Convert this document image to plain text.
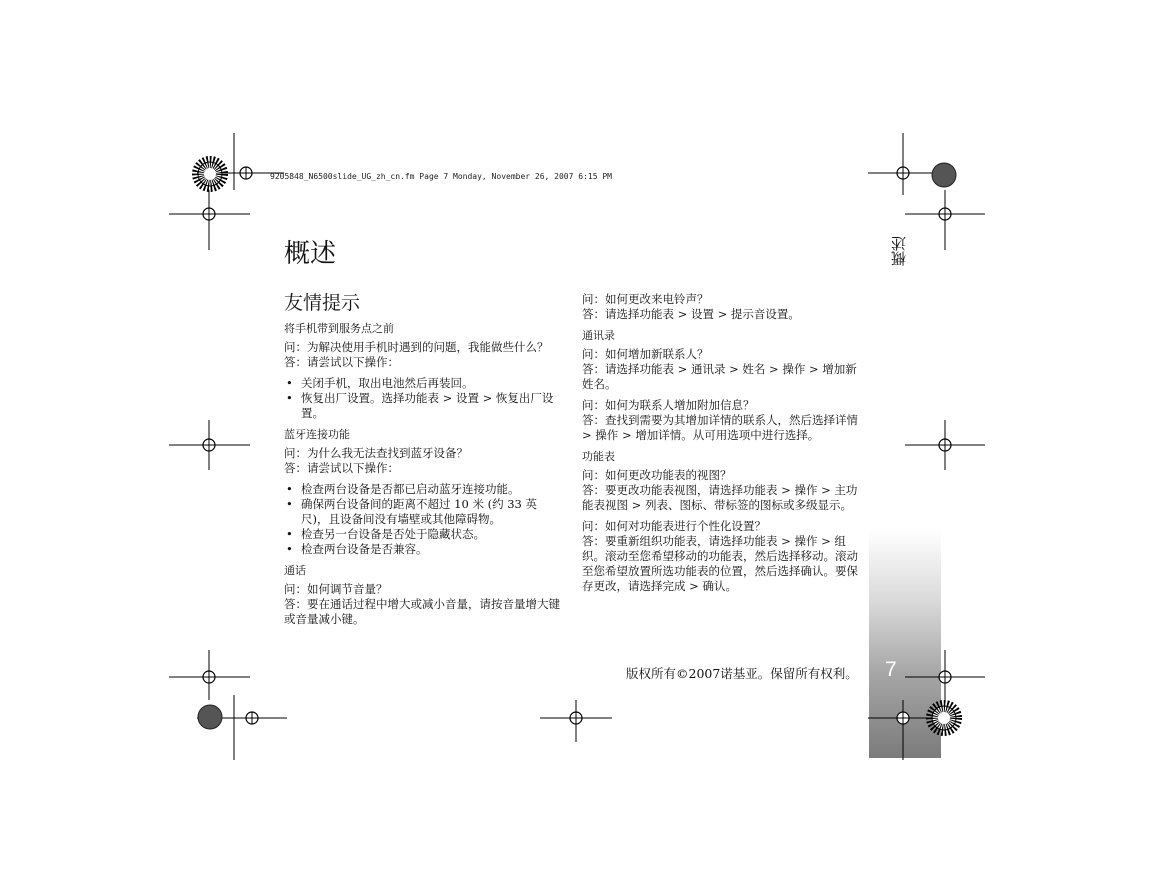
概述
7
9205848_N6500slide_UG_zh_cn.fm Page 7 Monday, November 26, 2007 6:15 PM
概述

友情提示

将手机带到服务点之前

问：为解决使用手机时遇到的问题，我能做些什么？

答：请尝试以下操作：

• 关闭手机，取出电池然后再装回。
• 恢复出厂设置。选择功能表 > 设置 > 恢复出厂设置。

蓝牙连接功能

问：为什么我无法查找到蓝牙设备？

答：请尝试以下操作：

• 检查两台设备是否都已启动蓝牙连接功能。
• 确保两台设备间的距离不超过 10 米 (约 33 英尺)，且设备间没有墙壁或其他障碍物。
• 检查另一台设备是否处于隐藏状态。
• 检查两台设备是否兼容。

通话

问：如何调节音量？

答：要在通话过程中增大或减小音量，请按音量增大键或音量减小键。

问：如何更改来电铃声？

答：请选择功能表 > 设置 > 提示音设置。

通讯录

问：如何增加新联系人？

答：请选择功能表 > 通讯录 > 姓名 > 操作 > 增加新姓名。

问：如何为联系人增加附加信息？

答：查找到需要为其增加详情的联系人，然后选择详情 > 操作 > 增加详情。从可用选项中进行选择。

功能表

问：如何更改功能表的视图？

答：要更改功能表视图，请选择功能表 > 操作 > 主功能表视图 > 列表、图标、带标签的图标或多级显示。

问：如何对功能表进行个性化设置？

答：要重新组织功能表，请选择功能表 > 操作 > 组织。滚动至您希望移动的功能表，然后选择移动。滚动至您希望放置所选功能表的位置，然后选择确认。要保存更改，请选择完成 > 确认。

版权所有©2007诺基亚。保留所有权利。
